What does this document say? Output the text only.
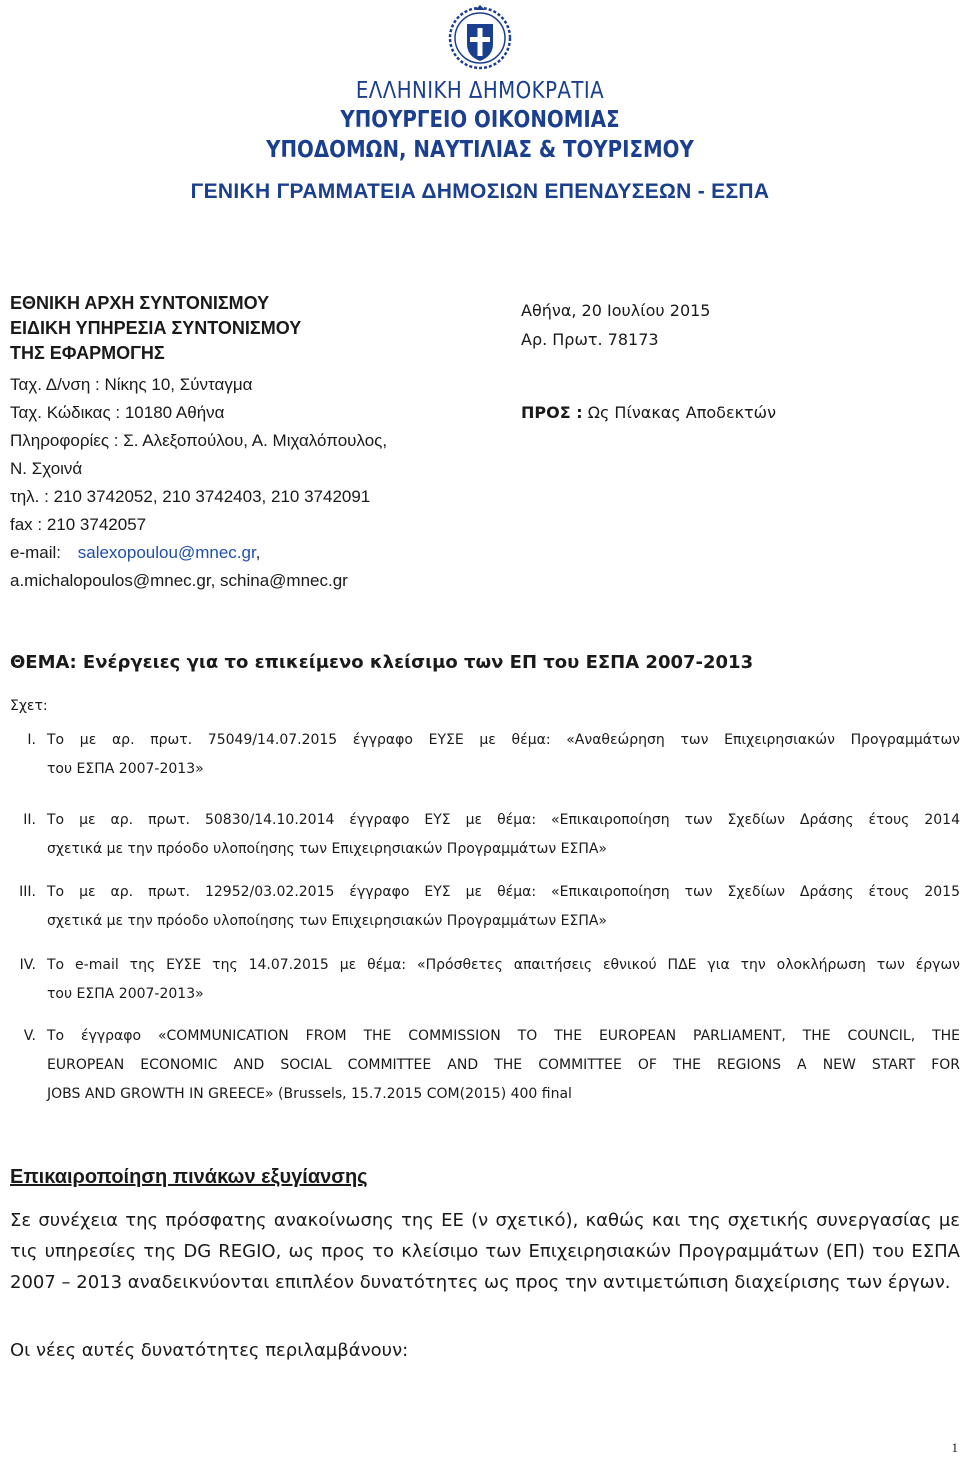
ΕΛΛΗΝΙΚΗ ΔΗΜΟΚΡΑΤΙΑ
ΥΠΟΥΡΓΕΙΟ ΟΙΚΟΝΟΜΙΑΣ
ΥΠΟΔΟΜΩΝ, ΝΑΥΤΙΛΙΑΣ & ΤΟΥΡΙΣΜΟΥ
ΓΕΝΙΚΗ ΓΡΑΜΜΑΤΕΙΑ ΔΗΜΟΣΙΩΝ ΕΠΕΝΔΥΣΕΩΝ - ΕΣΠΑ
ΕΘΝΙΚΗ ΑΡΧΗ ΣΥΝΤΟΝΙΣΜΟΥ
ΕΙΔΙΚΗ ΥΠΗΡΕΣΙΑ ΣΥΝΤΟΝΙΣΜΟΥ
ΤΗΣ ΕΦΑΡΜΟΓΗΣ
Ταχ. Δ/νση : Νίκης 10, Σύνταγμα
Ταχ. Κώδικας : 10180 Αθήνα
Πληροφορίες : Σ. Αλεξοπούλου, Α. Μιχαλόπουλος,
Ν. Σχοινά
τηλ. : 210 3742052, 210 3742403, 210 3742091
fax : 210 3742057
e-mail: salexopoulou@mnec.gr,
a.michalopoulos@mnec.gr, schina@mnec.gr
Αθήνα, 20 Ιουλίου 2015
Αρ. Πρωτ. 78173
ΠΡΟΣ : Ως Πίνακας Αποδεκτών
ΘΕΜΑ: Ενέργειες για το επικείμενο κλείσιμο των ΕΠ του ΕΣΠΑ 2007-2013
Σχετ:
I. Το με αρ. πρωτ. 75049/14.07.2015 έγγραφο ΕΥΣΕ με θέμα: «Αναθεώρηση των Επιχειρησιακών Προγραμμάτων
του ΕΣΠΑ 2007-2013»
II. Το με αρ. πρωτ. 50830/14.10.2014 έγγραφο ΕΥΣ με θέμα: «Επικαιροποίηση των Σχεδίων Δράσης έτους 2014
σχετικά με την πρόοδο υλοποίησης των Επιχειρησιακών Προγραμμάτων ΕΣΠΑ»
III. Το με αρ. πρωτ. 12952/03.02.2015 έγγραφο ΕΥΣ με θέμα: «Επικαιροποίηση των Σχεδίων Δράσης έτους 2015
σχετικά με την πρόοδο υλοποίησης των Επιχειρησιακών Προγραμμάτων ΕΣΠΑ»
IV. Το e-mail της ΕΥΣΕ της 14.07.2015 με θέμα: «Πρόσθετες απαιτήσεις εθνικού ΠΔΕ για την ολοκλήρωση των έργων
του ΕΣΠΑ 2007-2013»
V. Το έγγραφο «COMMUNICATION FROM THE COMMISSION TO THE EUROPEAN PARLIAMENT, THE COUNCIL, THE
EUROPEAN ECONOMIC AND SOCIAL COMMITTEE AND THE COMMITTEE OF THE REGIONS A NEW START FOR
JOBS AND GROWTH IN GREECE» (Brussels, 15.7.2015 COM(2015) 400 final
Επικαιροποίηση πινάκων εξυγίανσης
Σε συνέχεια της πρόσφατης ανακοίνωσης της ΕΕ (ν σχετικό), καθώς και της σχετικής συνεργασίας με τις υπηρεσίες της DG REGIO, ως προς το κλείσιμο των Επιχειρησιακών Προγραμμάτων (ΕΠ) του ΕΣΠΑ 2007 – 2013 αναδεικνύονται επιπλέον δυνατότητες ως προς την αντιμετώπιση διαχείρισης των έργων.
Οι νέες αυτές δυνατότητες περιλαμβάνουν:
1
